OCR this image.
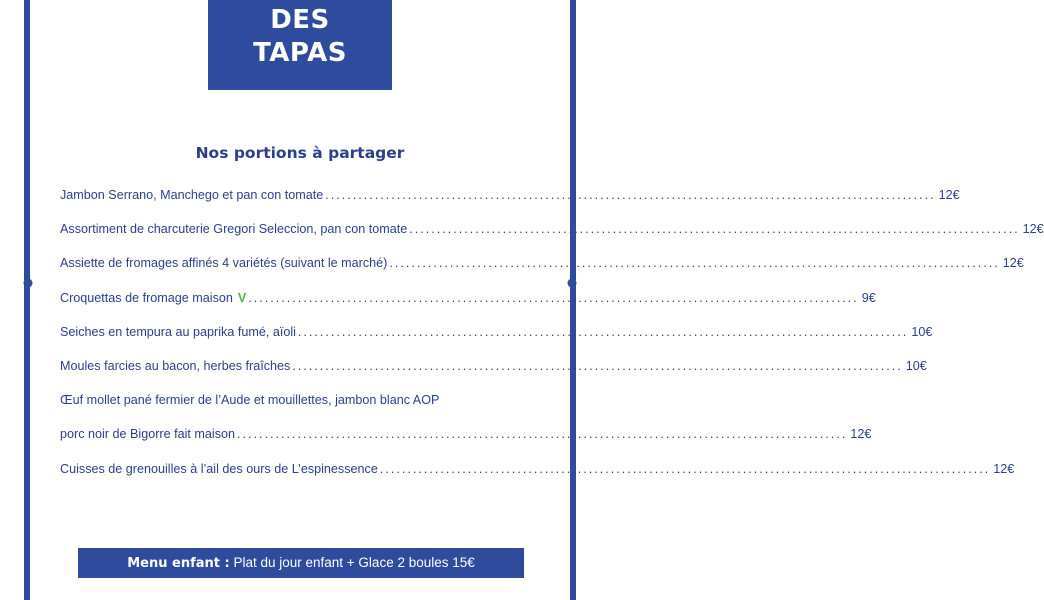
DES
TAPAS
Nos portions à partager
Jambon Serrano, Manchego et pan con tomate ............................................................................................................... 12€
Assortiment de charcuterie Gregori Seleccion, pan con tomate ............................................................................................................... 12€
Assiette de fromages affinés 4 variétés (suivant le marché) ............................................................................................................... 12€
Croquettas de fromage maison V ............................................................................................................... 9€
Seiches en tempura au paprika fumé, aïoli ............................................................................................................... 10€
Moules farcies au bacon, herbes fraîches ............................................................................................................... 10€
Œuf mollet pané fermier de l’Aude et mouillettes, jambon blanc AOP
porc noir de Bigorre fait maison ............................................................................................................... 12€
Cuisses de grenouilles à l’ail des ours de L’espinessence ............................................................................................................... 12€
Menu enfant : Plat du jour enfant + Glace 2 boules 15€
